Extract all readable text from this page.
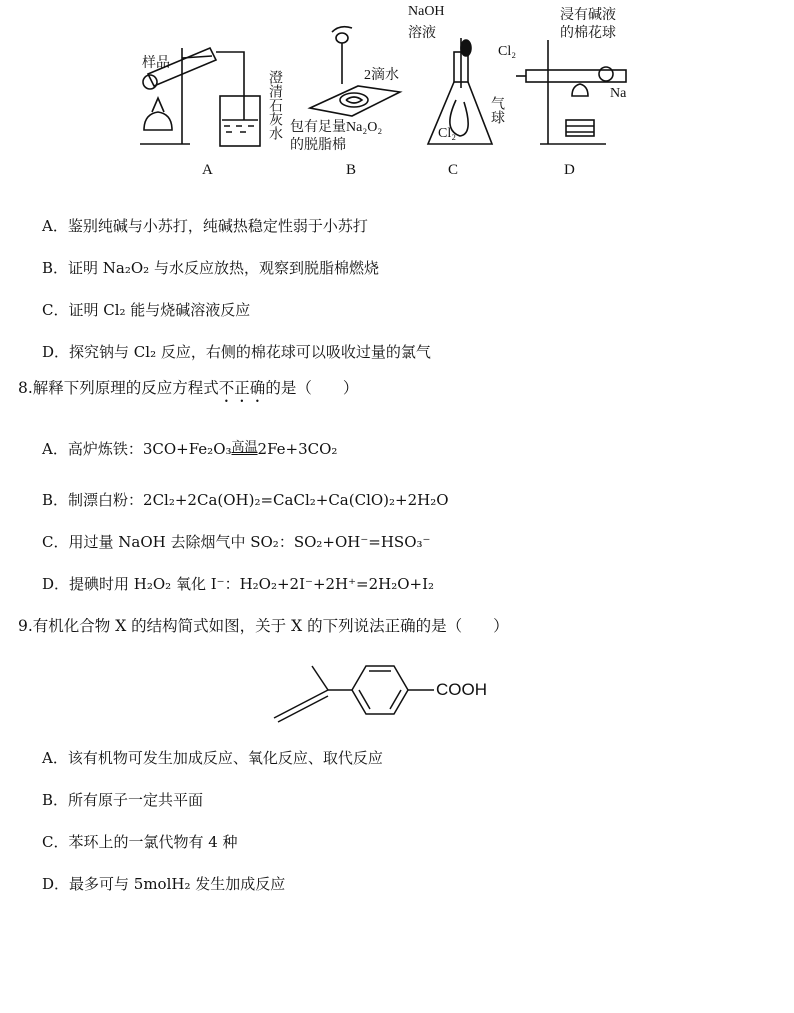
样品
澄清石灰水	2滴水
包有足量Na₂O₂
的脱脂棉
NaOH
溶液
气球
Cl₂
Cl₂
浸有碱液
的棉花球
Na
A	B	C	D
A．鉴别纯碱与小苏打，纯碱热稳定性弱于小苏打
B．证明 Na₂O₂ 与水反应放热，观察到脱脂棉燃烧
C．证明 Cl₂ 能与烧碱溶液反应
D．探究钠与 Cl₂ 反应，右侧的棉花球可以吸收过量的氯气
8.解释下列原理的反应方程式不正确的是（　　）
A．高炉炼铁：3CO+Fe₂O₃高温2Fe+3CO₂
B．制漂白粉：2Cl₂+2Ca(OH)₂=CaCl₂+Ca(ClO)₂+2H₂O
C．用过量 NaOH 去除烟气中 SO₂：SO₂+OH⁻=HSO₃⁻
D．提碘时用 H₂O₂ 氧化 I⁻：H₂O₂+2I⁻+2H⁺=2H₂O+I₂
9.有机化合物 X 的结构简式如图，关于 X 的下列说法正确的是（　　）
COOH
A．该有机物可发生加成反应、氧化反应、取代反应
B．所有原子一定共平面
C．苯环上的一氯代物有 4 种
D．最多可与 5molH₂ 发生加成反应
